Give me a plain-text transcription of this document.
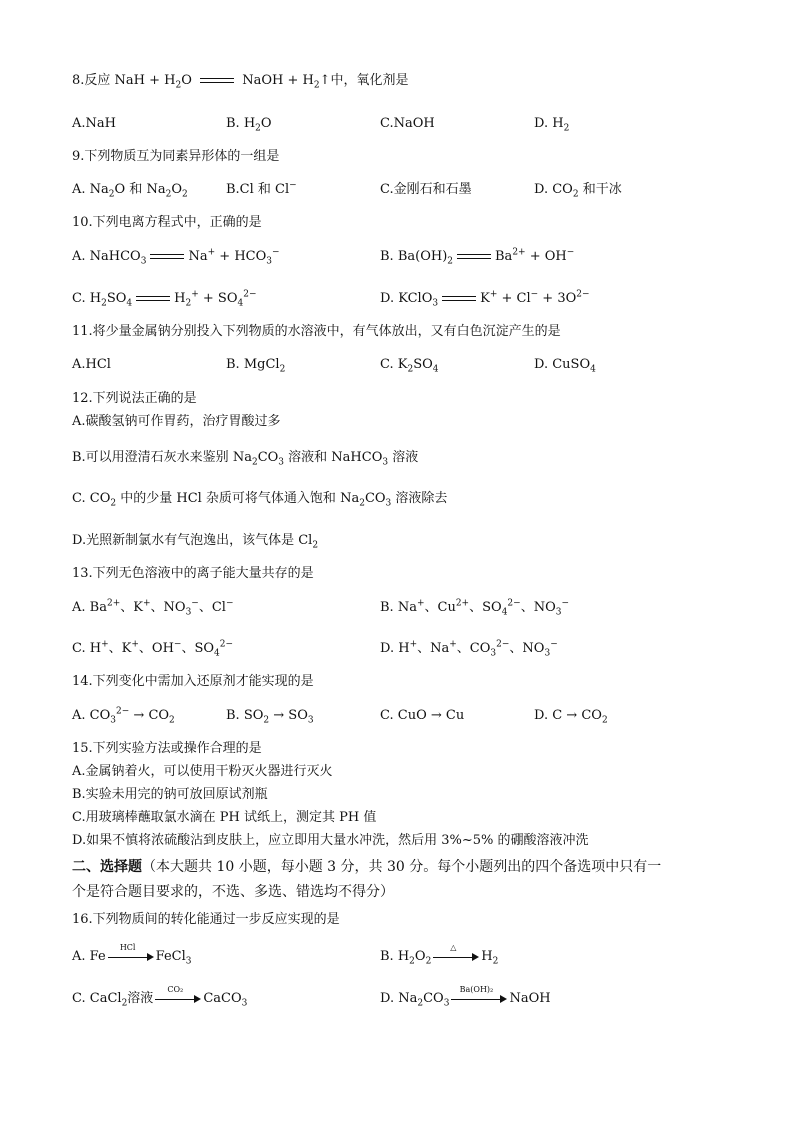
8.反应 NaH + $H_2O$	NaOH + $H_2↑$中，氧化剂是
A.NaH	B. $H_2O$	C.NaOH	D. $H_2$
9.下列物质互为同素异形体的一组是
A. $Na_2O$ 和 $Na_2O_2$	B.Cl 和 Cl−	C.金刚石和石墨	D. $CO_2$ 和干冰
10.下列电离方程式中，正确的是
A. NaHCO$_3$	$Na^+ + HCO_3^-$	B. $Ba(OH)_2$	$Ba^{2+} + OH^-$
C. $H_2SO_4$	$H_2^+ + SO_4^{2-}$	D. KClO$_3$	$K^+ + Cl^- + 3O^{2-}$
11.将少量金属钠分别投入下列物质的水溶液中，有气体放出，又有白色沉淀产生的是
A.HCl	B. MgCl$_2$	C. $K_2SO_4$	D. CuSO$_4$
12.下列说法正确的是
A.碳酸氢钠可作胃药，治疗胃酸过多
B.可以用澄清石灰水来鉴别 $Na_2CO_3$ 溶液和 NaHCO$_3$ 溶液
C. $CO_2$ 中的少量 HCl 杂质可将气体通入饱和 $Na_2CO_3$ 溶液除去
D.光照新制氯水有气泡逸出，该气体是 $Cl_2$
13.下列无色溶液中的离子能大量共存的是
A. $Ba^{2+}$、K+、$NO_3^-$、Cl−	B. Na+、$Cu^{2+}$、$SO_4^{2-}$、$NO_3^-$
C. H+、K+、OH−、$SO_4^{2-}$	D. H+、Na+、$CO_3^{2-}$、$NO_3^-$
14.下列变化中需加入还原剂才能实现的是
A. $CO_3^{2-} \to CO_2$	B. $SO_2 \to SO_3$	C. CuO → Cu	D. $C \to CO_2$
15.下列实验方法或操作合理的是
A.金属钠着火，可以使用干粉灭火器进行灭火
B.实验未用完的钠可放回原试剂瓶
C.用玻璃棒蘸取氯水滴在 PH 试纸上，测定其 PH 值
D.如果不慎将浓硫酸沾到皮肤上，应立即用大量水冲洗，然后用 3%~5% 的硼酸溶液冲洗
二、选择题（本大题共 10 小题，每小题 3 分，共 30 分。每个小题列出的四个备选项中只有一
个是符合题目要求的，不选、多选、错选均不得分）
16.下列物质间的转化能通过一步反应实现的是
A. Fe
HCl
FeCl$_3$	B. $H_2O_2$
△
$H_2$
C. CaCl$_2$溶液
CO₂
CaCO$_3$	D. $Na_2CO_3$
Ba(OH)₂
NaOH
